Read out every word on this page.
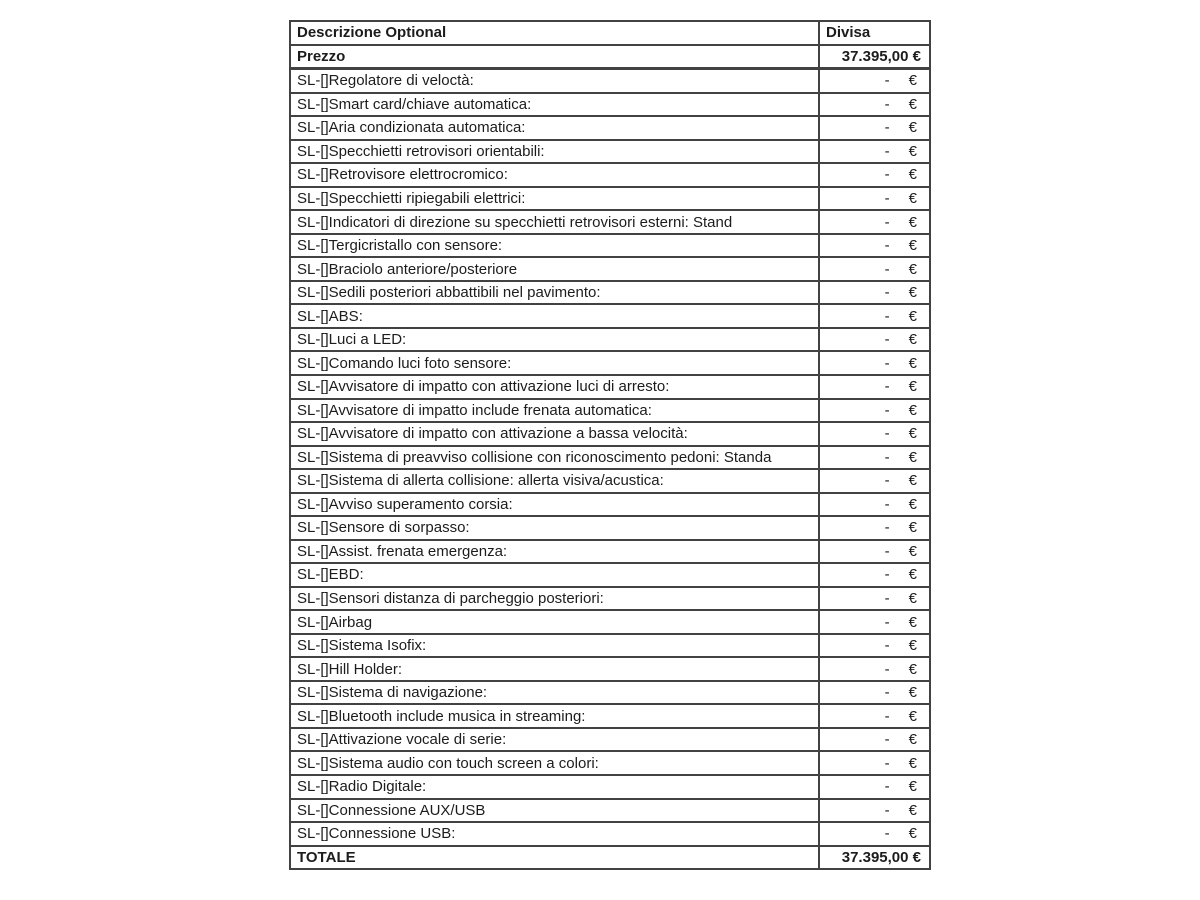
Descrizione Optional	Divisa
Prezzo	37.395,00 €
SL-[]Regolatore di veloctà:	- €
SL-[]Smart card/chiave automatica:	- €
SL-[]Aria condizionata automatica:	- €
SL-[]Specchietti retrovisori orientabili:	- €
SL-[]Retrovisore elettrocromico:	- €
SL-[]Specchietti ripiegabili elettrici:	- €
SL-[]Indicatori di direzione su specchietti retrovisori esterni: Stand	- €
SL-[]Tergicristallo con sensore:	- €
SL-[]Braciolo anteriore/posteriore	- €
SL-[]Sedili posteriori abbattibili nel pavimento:	- €
SL-[]ABS:	- €
SL-[]Luci a LED:	- €
SL-[]Comando luci foto sensore:	- €
SL-[]Avvisatore di impatto con attivazione luci di arresto:	- €
SL-[]Avvisatore di impatto include frenata automatica:	- €
SL-[]Avvisatore di impatto con attivazione a bassa velocità:	- €
SL-[]Sistema di preavviso collisione con riconoscimento pedoni: Standa	- €
SL-[]Sistema di allerta collisione: allerta visiva/acustica:	- €
SL-[]Avviso superamento corsia:	- €
SL-[]Sensore di sorpasso:	- €
SL-[]Assist. frenata emergenza:	- €
SL-[]EBD:	- €
SL-[]Sensori distanza di parcheggio posteriori:	- €
SL-[]Airbag	- €
SL-[]Sistema Isofix:	- €
SL-[]Hill Holder:	- €
SL-[]Sistema di navigazione:	- €
SL-[]Bluetooth include musica in streaming:	- €
SL-[]Attivazione vocale di serie:	- €
SL-[]Sistema audio con touch screen a colori:	- €
SL-[]Radio Digitale:	- €
SL-[]Connessione AUX/USB	- €
SL-[]Connessione USB:	- €
TOTALE	37.395,00 €
